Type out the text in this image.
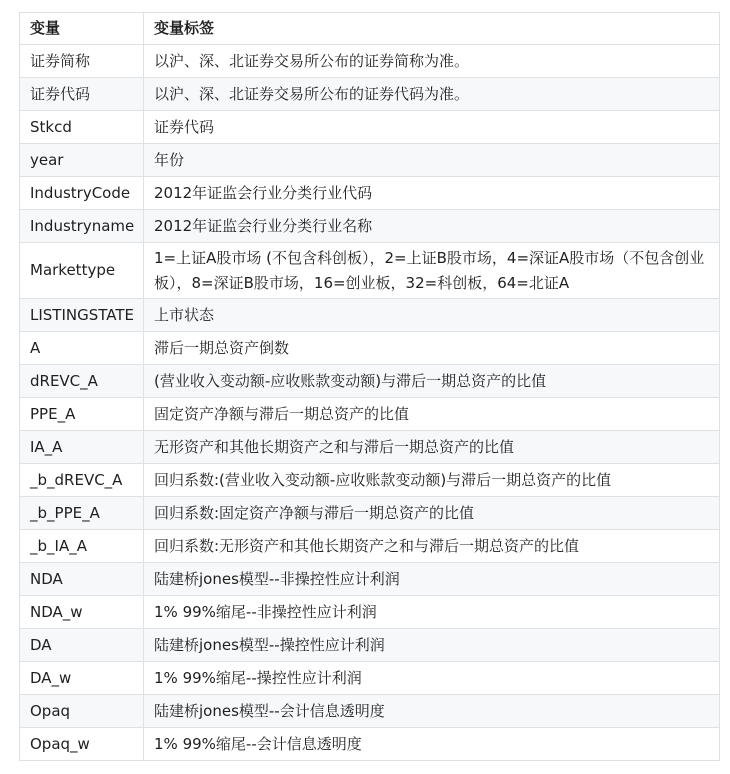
变量	变量标签
证券简称	以沪、深、北证券交易所公布的证券简称为准。
证券代码	以沪、深、北证券交易所公布的证券代码为准。
Stkcd	证券代码
year	年份
IndustryCode	2012年证监会行业分类行业代码
Industryname	2012年证监会行业分类行业名称
Markettype	1=上证A股市场 (不包含科创板），2=上证B股市场，4=深证A股市场（不包含创业板），8=深证B股市场，16=创业板，32=科创板，64=北证A
LISTINGSTATE	上市状态
A	滞后一期总资产倒数
dREVC_A	(营业收入变动额-应收账款变动额)与滞后一期总资产的比值
PPE_A	固定资产净额与滞后一期总资产的比值
IA_A	无形资产和其他长期资产之和与滞后一期总资产的比值
_b_dREVC_A	回归系数:(营业收入变动额-应收账款变动额)与滞后一期总资产的比值
_b_PPE_A	回归系数:固定资产净额与滞后一期总资产的比值
_b_IA_A	回归系数:无形资产和其他长期资产之和与滞后一期总资产的比值
NDA	陆建桥jones模型--非操控性应计利润
NDA_w	1% 99%缩尾--非操控性应计利润
DA	陆建桥jones模型--操控性应计利润
DA_w	1% 99%缩尾--操控性应计利润
Opaq	陆建桥jones模型--会计信息透明度
Opaq_w	1% 99%缩尾--会计信息透明度
